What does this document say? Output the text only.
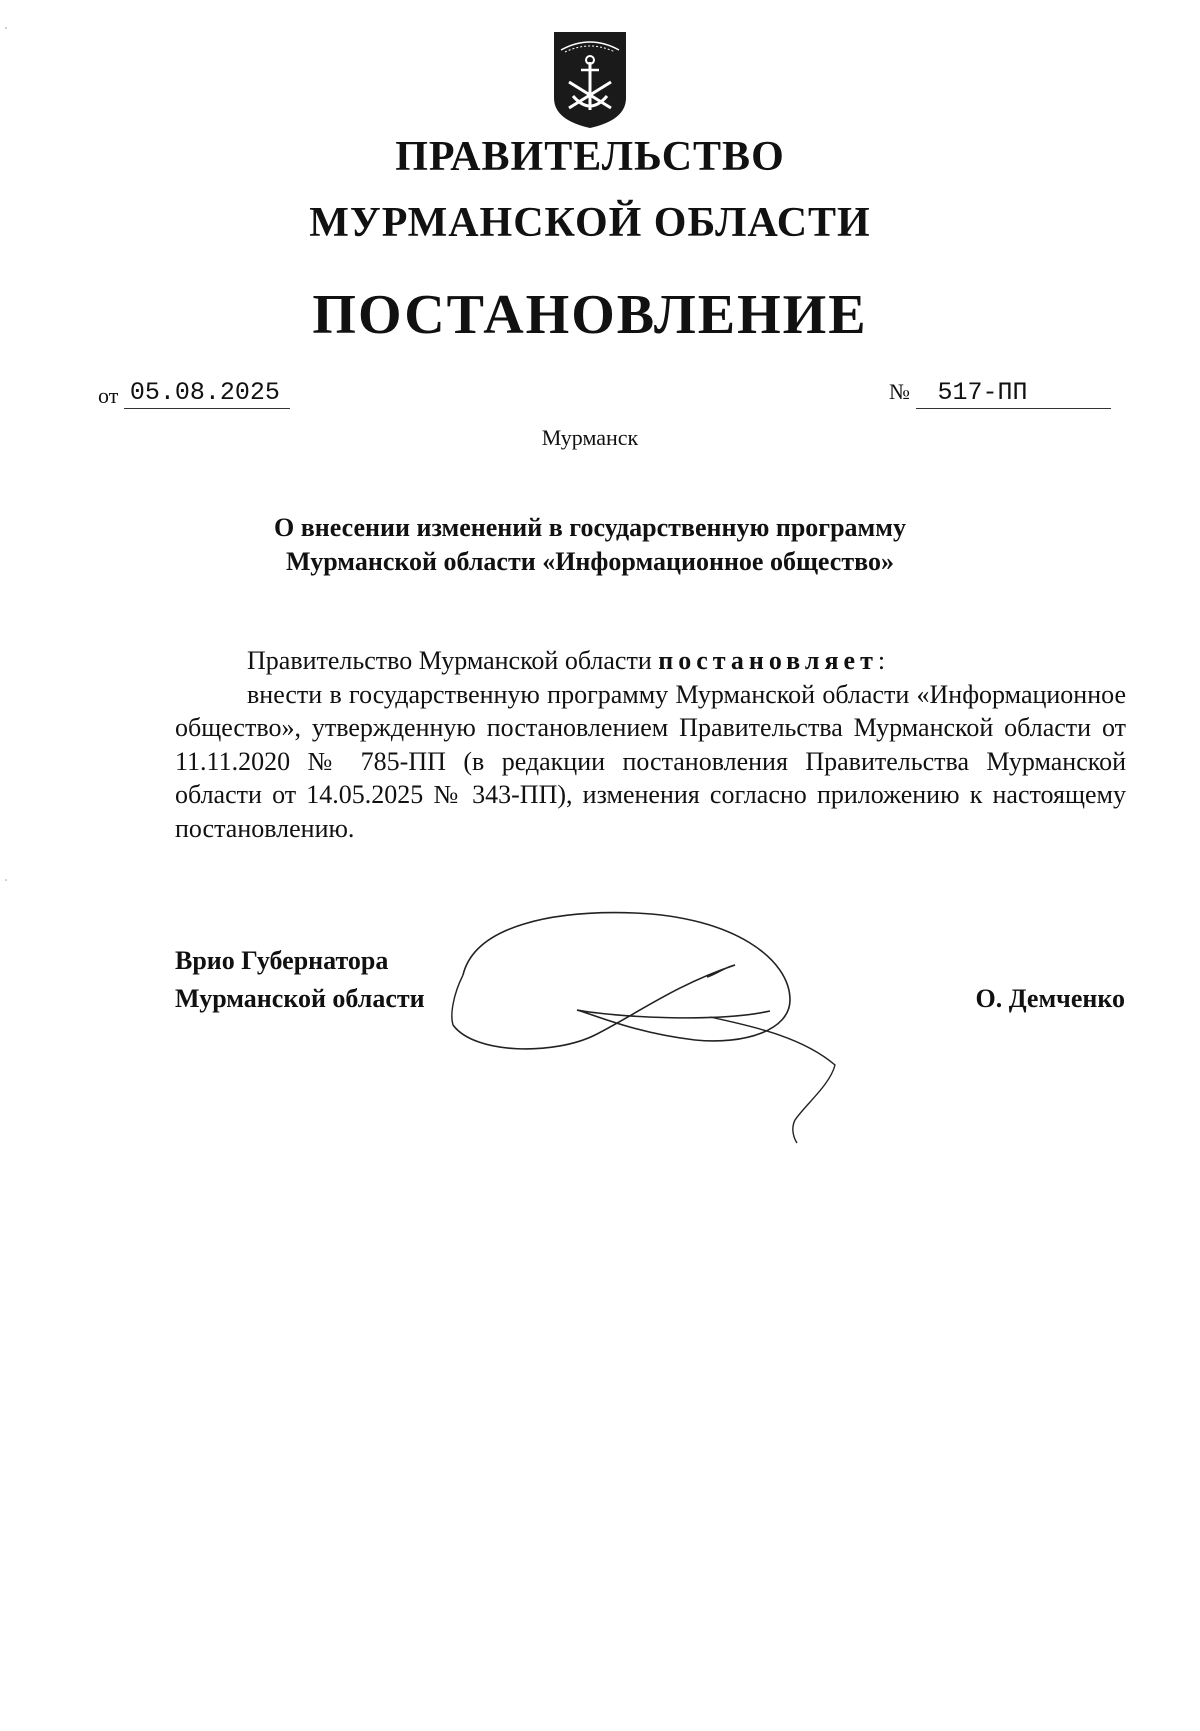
ПРАВИТЕЛЬСТВО
МУРМАНСКОЙ ОБЛАСТИ
ПОСТАНОВЛЕНИЕ
от 05.08.2025	№ 517-ПП
Мурманск
О внесении изменений в государственную программу
Мурманской области «Информационное общество»

Правительство Мурманской области постановляет:

внести в государственную программу Мурманской области «Информационное общество», утвержденную постановлением Правительства Мурманской области от 11.11.2020 № 785-ПП (в редакции постановления Правительства Мурманской области от 14.05.2025 № 343-ПП), изменения согласно приложению к настоящему постановлению.

Врио Губернатора
Мурманской области	О. Демченко
